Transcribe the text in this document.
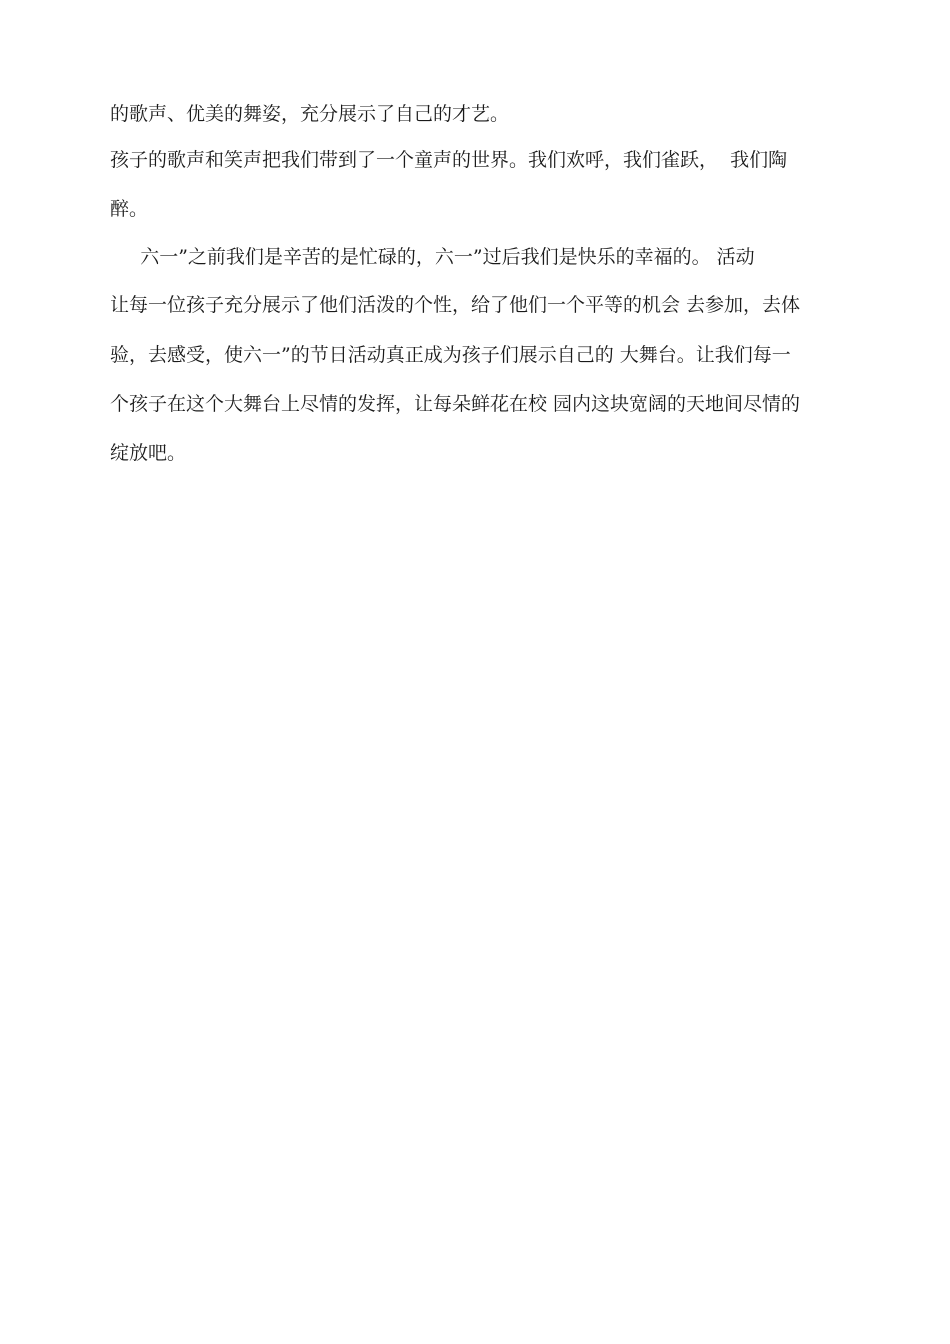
的歌声、优美的舞姿，充分展示了自己的才艺。

孩子的歌声和笑声把我们带到了一个童声的世界。我们欢呼，我们雀跃，  我们陶

醉。

六一”之前我们是辛苦的是忙碌的，六一”过后我们是快乐的幸福的。 活动

让每一位孩子充分展示了他们活泼的个性，给了他们一个平等的机会 去参加，去体

验，去感受，使六一”的节日活动真正成为孩子们展示自己的 大舞台。让我们每一

个孩子在这个大舞台上尽情的发挥，让每朵鲜花在校 园内这块宽阔的天地间尽情的

绽放吧。
